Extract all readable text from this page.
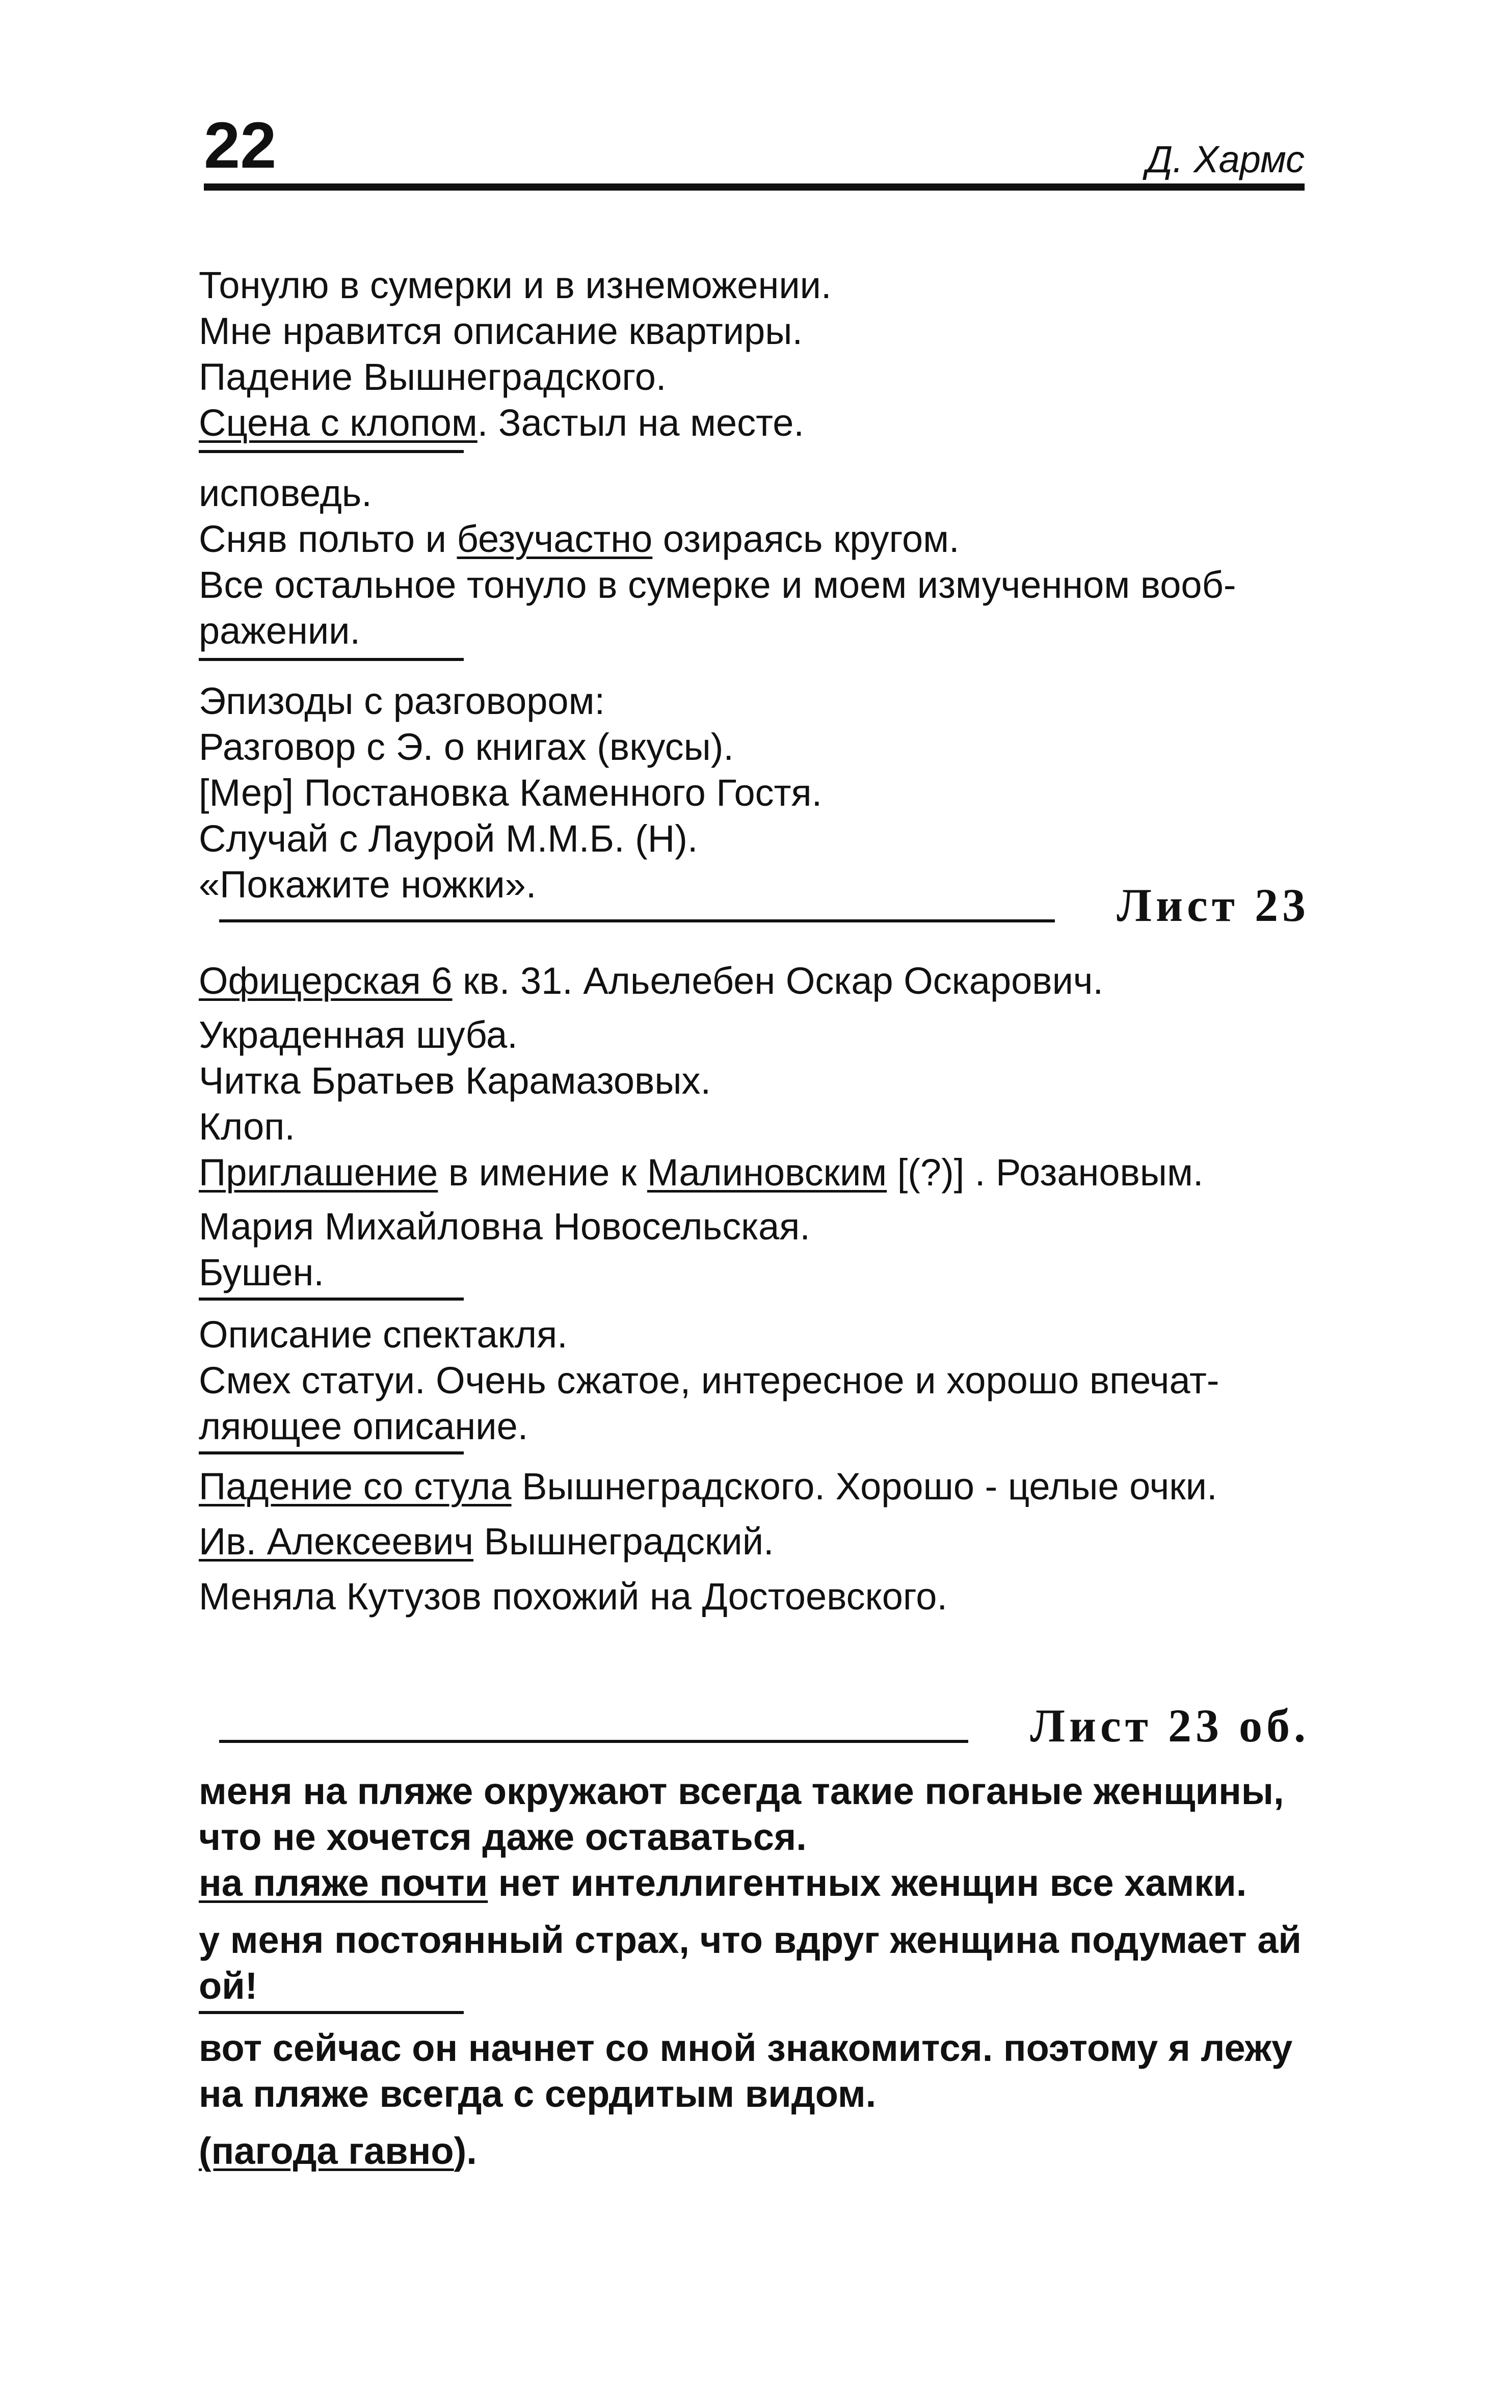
22	Д. Хармс
Тонулю в сумерки и в изнеможении.
Мне нравится описание квартиры.
Падение Вышнеградского.
Сцена с клопом. Застыл на месте.
исповедь.
Сняв польто и безучастно озираясь кругом.
Все остальное тонуло в сумерке и моем измученном вооб-
ражении.
Эпизоды с разговором:
Разговор с Э. о книгах (вкусы).
[Мер] Постановка Каменного Гостя.
Случай с Лаурой М.М.Б. (Н).
«Покажите ножки».	Лист 23
Офицерская 6 кв. 31. Альелебен Оскар Оскарович.
Украденная шуба.
Читка Братьев Карамазовых.
Клоп.
Приглашение в имение к Малиновским [(?)] . Розановым.
Мария Михайловна Новосельская.
Бушен.
Описание спектакля.
Смех статуи. Очень сжатое, интересное и хорошо впечат-
ляющее описание.
Падение со стула Вышнеградского. Хорошо - целые очки.
Ив. Алексеевич Вышнеградский.
Меняла Кутузов похожий на Достоевского.
Лист 23 об.
меня на пляже окружают всегда такие поганые женщины,
что не хочется даже оставаться.
на пляже почти нет интеллигентных женщин все хамки.
у меня постоянный страх, что вдруг женщина подумает ай
ой!
вот сейчас он начнет со мной знакомится. поэтому я лежу
на пляже всегда с сердитым видом.
(пагода гавно).
